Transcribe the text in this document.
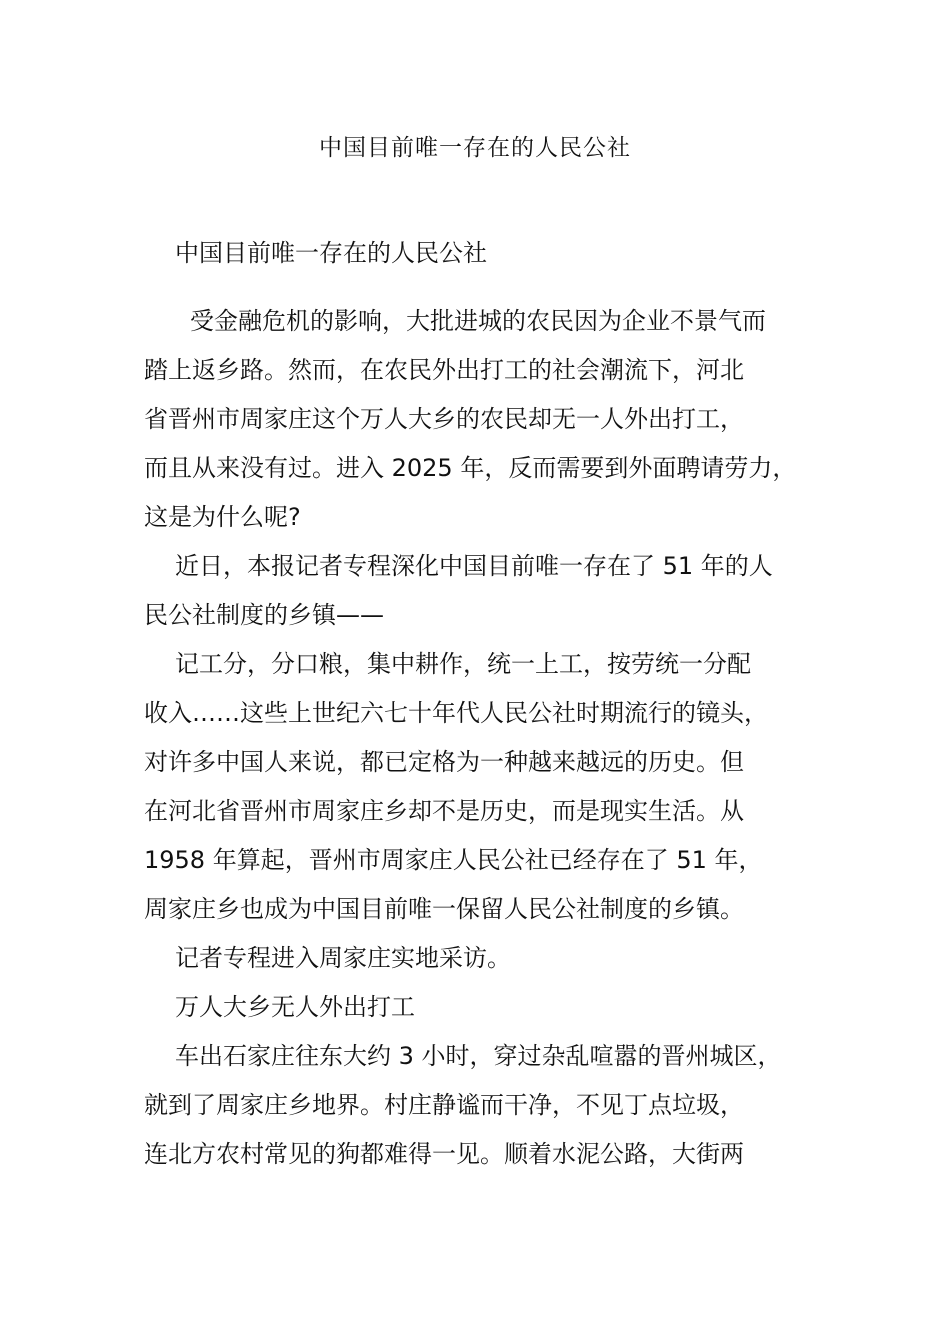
中国目前唯一存在的人民公社
中国目前唯一存在的人民公社
受金融危机的影响，大批进城的农民因为企业不景气而
踏上返乡路。然而，在农民外出打工的社会潮流下，河北
省晋州市周家庄这个万人大乡的农民却无一人外出打工，
而且从来没有过。进入 2025 年，反而需要到外面聘请劳力，
这是为什么呢?
近日，本报记者专程深化中国目前唯一存在了 51 年的人
民公社制度的乡镇——
记工分，分口粮，集中耕作，统一上工，按劳统一分配
收入……这些上世纪六七十年代人民公社时期流行的镜头，
对许多中国人来说，都已定格为一种越来越远的历史。但
在河北省晋州市周家庄乡却不是历史，而是现实生活。从
1958 年算起，晋州市周家庄人民公社已经存在了 51 年，
周家庄乡也成为中国目前唯一保留人民公社制度的乡镇。
记者专程进入周家庄实地采访。
万人大乡无人外出打工
车出石家庄往东大约 3 小时，穿过杂乱喧嚣的晋州城区，
就到了周家庄乡地界。村庄静谧而干净，不见丁点垃圾，
连北方农村常见的狗都难得一见。顺着水泥公路，大街两
